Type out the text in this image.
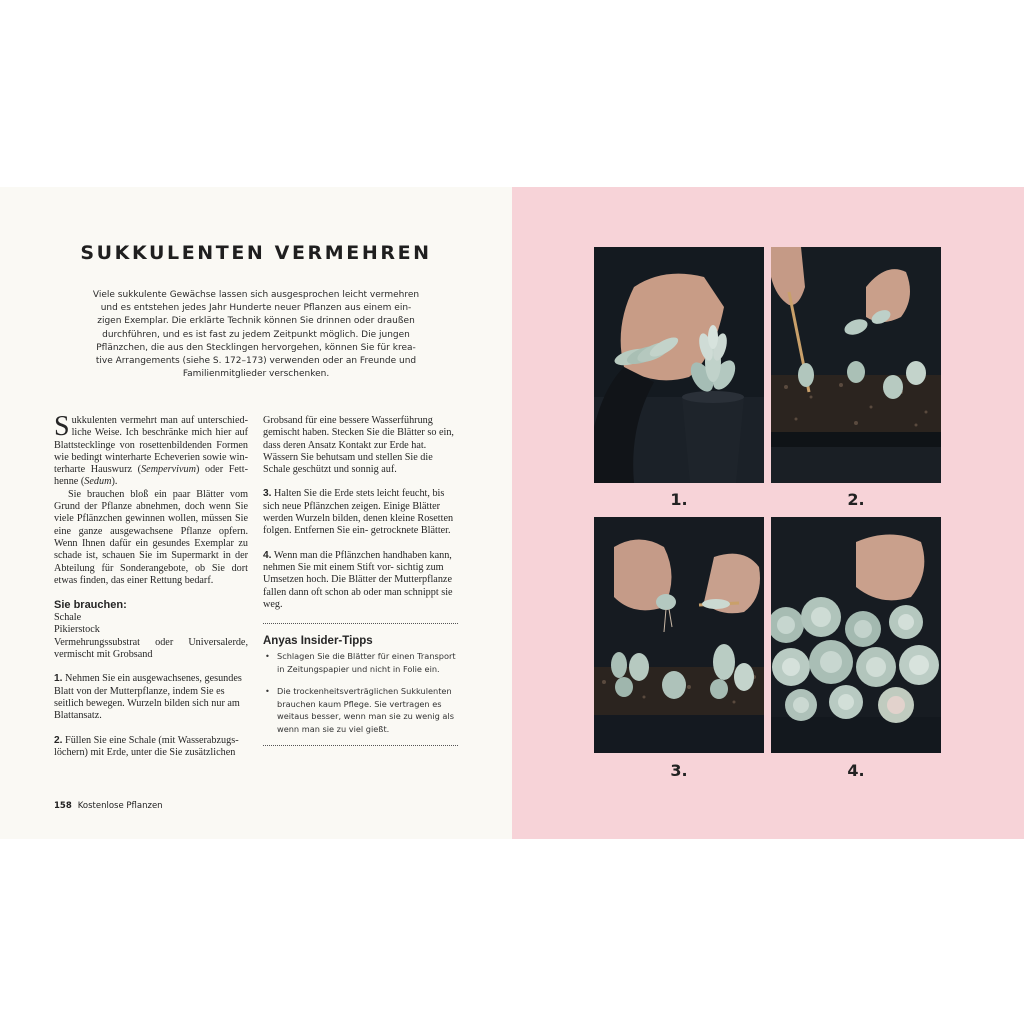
SUKKULENTEN VERMEHREN
Viele sukkulente Gewächse lassen sich ausgesprochen leicht vermehren
und es entstehen jedes Jahr Hunderte neuer Pflanzen aus einem ein-
zigen Exemplar. Die erklärte Technik können Sie drinnen oder draußen
durchführen, und es ist fast zu jedem Zeitpunkt möglich. Die jungen
Pflänzchen, die aus den Stecklingen hervorgehen, können Sie für krea-
tive Arrangements (siehe S. 172–173) verwenden oder an Freunde und
Familienmitglieder verschenken.

Sukkulenten vermehrt man auf unterschied- liche Weise. Ich beschränke mich hier auf Blattstecklinge von rosettenbildenden Formen wie bedingt winterharte Echeverien sowie win- terharte Hauswurz (Sempervivum) oder Fett- henne (Sedum).

Sie brauchen bloß ein paar Blätter vom Grund der Pflanze abnehmen, doch wenn Sie viele Pflänzchen gewinnen wollen, müssen Sie eine ganze ausgewachsene Pflanze opfern. Wenn Ihnen dafür ein gesundes Exemplar zu schade ist, schauen Sie im Supermarkt in der Abteilung für Sonderangebote, ob Sie dort etwas finden, das einer Rettung bedarf.

Sie brauchen:

Schale

Pikierstock

Vermehrungssubstrat oder Universalerde, vermischt mit Grobsand

1. Nehmen Sie ein ausgewachsenes, gesundes Blatt von der Mutterpflanze, indem Sie es seitlich bewegen. Wurzeln bilden sich nur am Blattansatz.

2. Füllen Sie eine Schale (mit Wasserabzugs- löchern) mit Erde, unter die Sie zusätzlichen

Grobsand für eine bessere Wasserführung gemischt haben. Stecken Sie die Blätter so ein, dass deren Ansatz Kontakt zur Erde hat. Wässern Sie behutsam und stellen Sie die Schale geschützt und sonnig auf.

3. Halten Sie die Erde stets leicht feucht, bis sich neue Pflänzchen zeigen. Einige Blätter werden Wurzeln bilden, denen kleine Rosetten folgen. Entfernen Sie ein- getrocknete Blätter.

4. Wenn man die Pflänzchen handhaben kann, nehmen Sie mit einem Stift vor- sichtig zum Umsetzen hoch. Die Blätter der Mutterpflanze fallen dann oft schon ab oder man schnippt sie weg.

Anyas Insider-Tipps

• Schlagen Sie die Blätter für einen Transport in Zeitungspapier und nicht in Folie ein.
• Die trockenheitsverträglichen Sukkulenten brauchen kaum Pflege. Sie vertragen es weitaus besser, wenn man sie zu wenig als wenn man sie zu viel gießt.
158 Kostenlose Pflanzen
1.	2.
3.	4.
